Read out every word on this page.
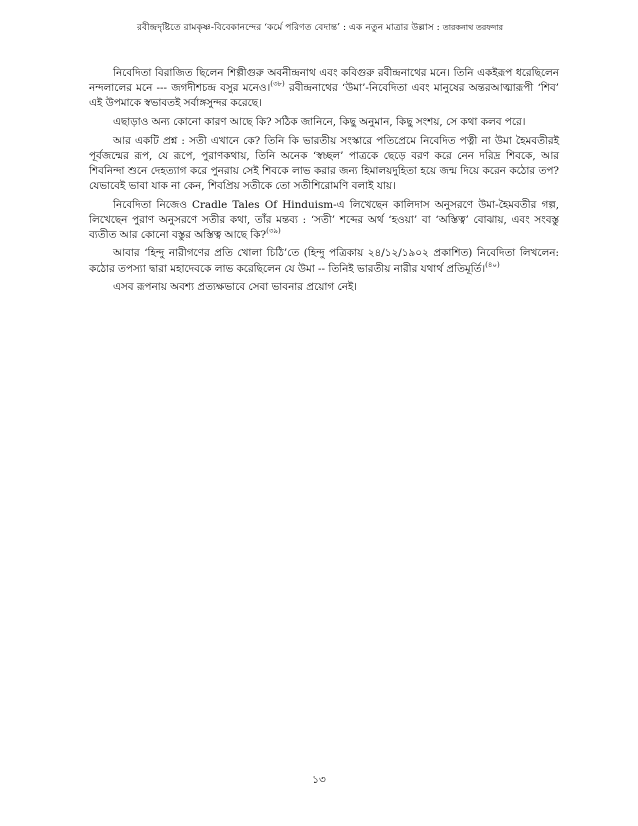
রবীন্দ্রদৃষ্টিতে রামকৃষ্ণ-বিবেকানন্দের ‘কর্মে পরিণত বেদান্ত’ : এক নতুন মাত্রার উল্লাস : তারকনাথ তরফদার

নিবেদিতা বিরাজিত ছিলেন শিল্পীগুরু অবনীন্দ্রনাথ এবং কবিগুরু রবীন্দ্রনাথের মনে। তিনি একইরূপ ধরেছিলেন নন্দলালের মনে --- জগদীশচন্দ্র বসুর মনেও।$^{(৩৮)}$ রবীন্দ্রনাথের ‘উমা’-নিবেদিতা এবং মানুষের অন্তরআত্মারূপী ‘শিব’ এই উপমাকে স্বভাবতই সর্বাঙ্গসুন্দর করেছে।

এছাড়াও অন্য কোনো কারণ আছে কি? সঠিক জানিনে, কিছু অনুমান, কিছু সংশয়, সে কথা কলব পরে।

আর একটি প্রশ্ন : সতী এখানে কে? তিনি কি ভারতীয় সংস্কারে পতিপ্রেমে নিবেদিত পত্নী না উমা হৈমবতীরই পূর্বজন্মের রূপ, যে রূপে, পুরাণকথায়, তিনি অনেক ‘স্বচ্ছল’ পাত্রকে ছেড়ে বরণ করে নেন দরিদ্র শিবকে, আর শিবনিন্দা শুনে দেহত্যাগ করে পুনরায় সেই শিবকে লাভ করার জন্য হিমালয়দুহিতা হয়ে জন্ম দিয়ে করেন কঠোর তপ? যেভাবেই ভাবা যাক না কেন, শিবপ্রিয় সতীকে তো সতীশিরোমণি বলাই যায়।

নিবেদিতা নিজেও Cradle Tales Of Hinduism-এ লিখেছেন কালিদাস অনুসরণে উমা-হৈমবতীর গল্প, লিখেছেন পুরাণ অনুসরণে সতীর কথা, তাঁর মন্তব্য : ‘সতী’ শব্দের অর্থ ‘হওয়া’ বা ‘অস্তিত্ব’ বোঝায়, এবং সংবস্তু ব্যতীত আর কোনো বস্তুর অস্তিত্ব আছে কি?$^{(৩৯)}$

আবার ‘হিন্দু নারীগণের প্রতি খোলা চিঠি’তে (হিন্দু পত্রিকায় ২৪/১২/১৯০২ প্রকাশিত) নিবেদিতা লিখলেন: কঠোর তপস্যা দ্বারা মহাদেবকে লাভ করেছিলেন যে উমা -- তিনিই ভারতীয় নারীর যথার্থ প্রতিমূর্তি।$^{(৪০)}$

এসব রূপনায় অবশ্য প্রত্যক্ষভাবে সেবা ভাবনার প্রয়োগ নেই।

১৩
